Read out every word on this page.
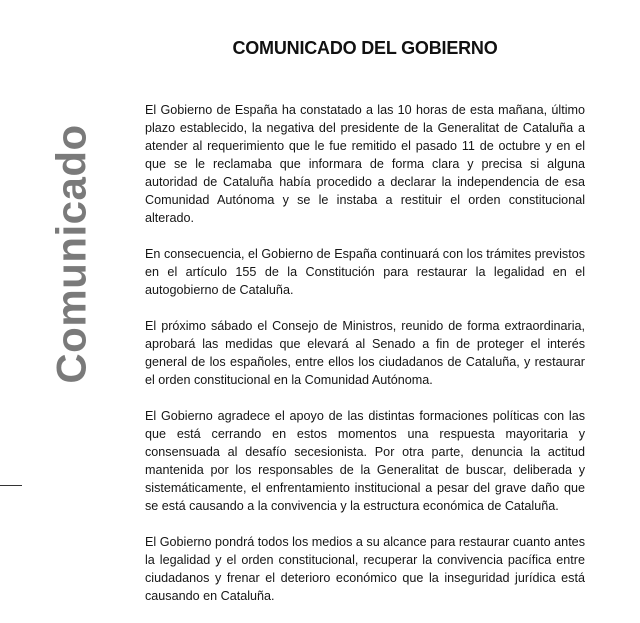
Comunicado
COMUNICADO DEL GOBIERNO

El Gobierno de España ha constatado a las 10 horas de esta mañana, último plazo establecido, la negativa del presidente de la Generalitat de Cataluña a atender al requerimiento que le fue remitido el pasado 11 de octubre y en el que se le reclamaba que informara de forma clara y precisa si alguna autoridad de Cataluña había procedido a declarar la independencia de esa Comunidad Autónoma y se le instaba a restituir el orden constitucional alterado.

En consecuencia, el Gobierno de España continuará con los trámites previstos en el artículo 155 de la Constitución para restaurar la legalidad en el autogobierno de Cataluña.

El próximo sábado el Consejo de Ministros, reunido de forma extraordinaria, aprobará las medidas que elevará al Senado a fin de proteger el interés general de los españoles, entre ellos los ciudadanos de Cataluña, y restaurar el orden constitucional en la Comunidad Autónoma.

El Gobierno agradece el apoyo de las distintas formaciones políticas con las que está cerrando en estos momentos una respuesta mayoritaria y consensuada al desafío secesionista. Por otra parte, denuncia la actitud mantenida por los responsables de la Generalitat de buscar, deliberada y sistemáticamente, el enfrentamiento institucional a pesar del grave daño que se está causando a la convivencia y la estructura económica de Cataluña.

El Gobierno pondrá todos los medios a su alcance para restaurar cuanto antes la legalidad y el orden constitucional, recuperar la convivencia pacífica entre ciudadanos y frenar el deterioro económico que la inseguridad jurídica está causando en Cataluña.
